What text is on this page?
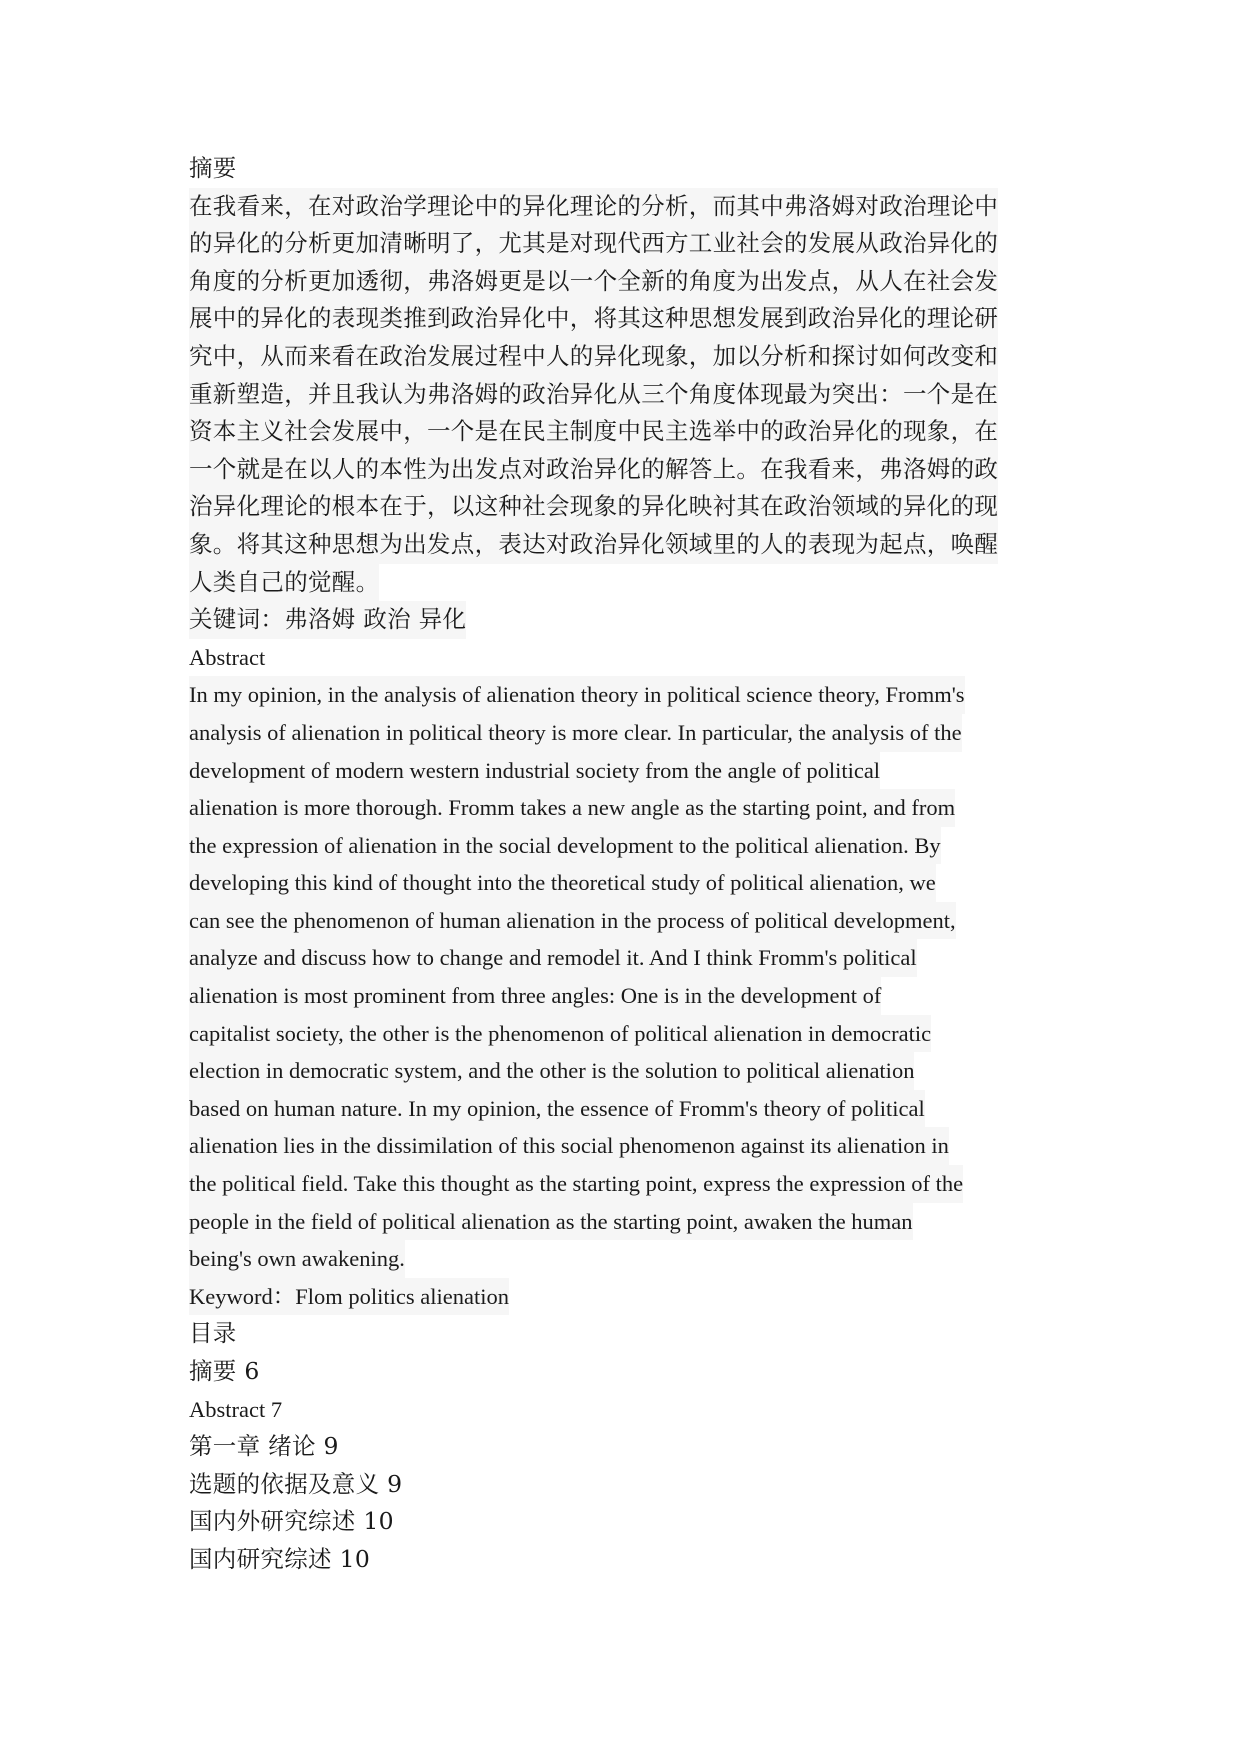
摘要
在我看来，在对政治学理论中的异化理论的分析，而其中弗洛姆对政治理论中
的异化的分析更加清晰明了，尤其是对现代西方工业社会的发展从政治异化的
角度的分析更加透彻，弗洛姆更是以一个全新的角度为出发点，从人在社会发
展中的异化的表现类推到政治异化中，将其这种思想发展到政治异化的理论研
究中，从而来看在政治发展过程中人的异化现象，加以分析和探讨如何改变和
重新塑造，并且我认为弗洛姆的政治异化从三个角度体现最为突出：一个是在
资本主义社会发展中，一个是在民主制度中民主选举中的政治异化的现象，在
一个就是在以人的本性为出发点对政治异化的解答上。在我看来，弗洛姆的政
治异化理论的根本在于，以这种社会现象的异化映衬其在政治领域的异化的现
象。将其这种思想为出发点，表达对政治异化领域里的人的表现为起点，唤醒
人类自己的觉醒。
关键词：弗洛姆 政治 异化
Abstract
In my opinion, in the analysis of alienation theory in political science theory, Fromm's
analysis of alienation in political theory is more clear. In particular, the analysis of the
development of modern western industrial society from the angle of political
alienation is more thorough. Fromm takes a new angle as the starting point, and from
the expression of alienation in the social development to the political alienation. By
developing this kind of thought into the theoretical study of political alienation, we
can see the phenomenon of human alienation in the process of political development,
analyze and discuss how to change and remodel it. And I think Fromm's political
alienation is most prominent from three angles: One is in the development of
capitalist society, the other is the phenomenon of political alienation in democratic
election in democratic system, and the other is the solution to political alienation
based on human nature. In my opinion, the essence of Fromm's theory of political
alienation lies in the dissimilation of this social phenomenon against its alienation in
the political field. Take this thought as the starting point, express the expression of the
people in the field of political alienation as the starting point, awaken the human
being's own awakening.
Keyword：Flom politics alienation
目录
摘要 6
Abstract 7
第一章 绪论 9
选题的依据及意义 9
国内外研究综述 10
国内研究综述 10
